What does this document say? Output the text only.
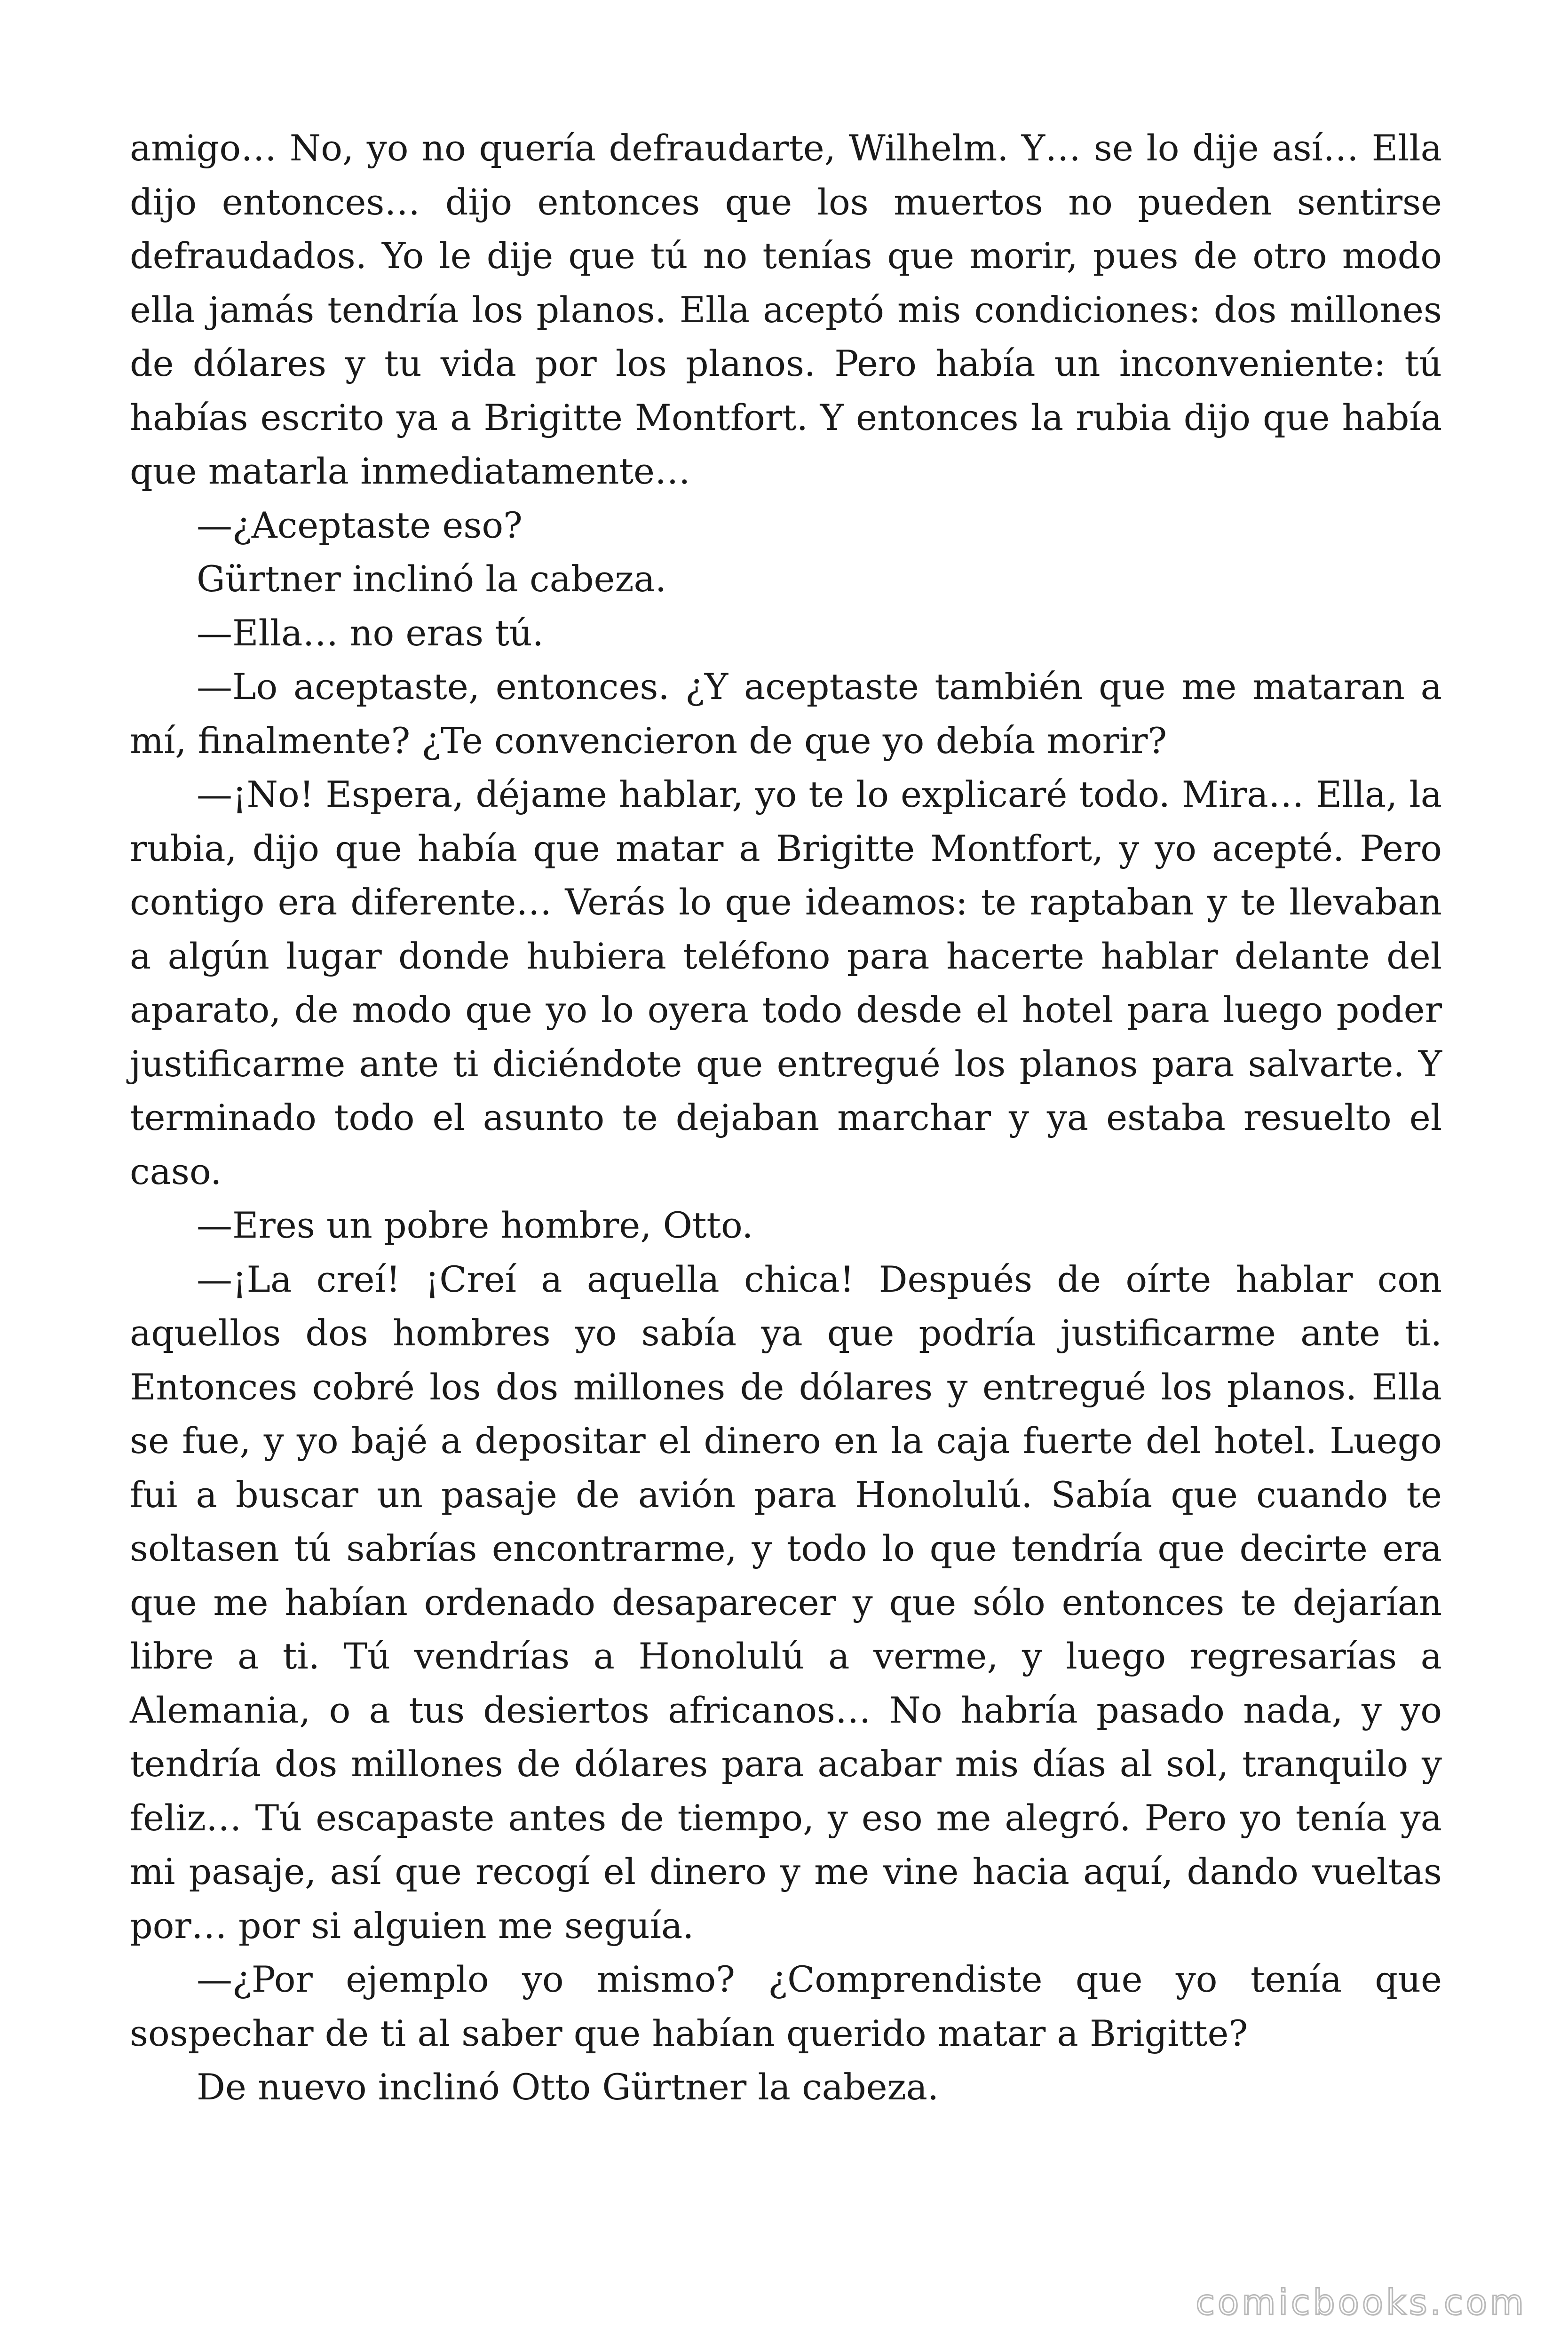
amigo… No, yo no quería defraudarte, Wilhelm. Y… se lo dije así… Ella dijo entonces… dijo entonces que los muertos no pueden sentirse defraudados. Yo le dije que tú no tenías que morir, pues de otro modo ella jamás tendría los planos. Ella aceptó mis condiciones: dos millones de dólares y tu vida por los planos. Pero había un inconveniente: tú habías escrito ya a Brigitte Montfort. Y entonces la rubia dijo que había que matarla inmediatamente…

—¿Aceptaste eso?

Gürtner inclinó la cabeza.

—Ella… no eras tú.

—Lo aceptaste, entonces. ¿Y aceptaste también que me mataran a mí, finalmente? ¿Te convencieron de que yo debía morir?

—¡No! Espera, déjame hablar, yo te lo explicaré todo. Mira… Ella, la rubia, dijo que había que matar a Brigitte Montfort, y yo acepté. Pero contigo era diferente… Verás lo que ideamos: te raptaban y te llevaban a algún lugar donde hubiera teléfono para hacerte hablar delante del aparato, de modo que yo lo oyera todo desde el hotel para luego poder justificarme ante ti diciéndote que entregué los planos para salvarte. Y terminado todo el asunto te dejaban marchar y ya estaba resuelto el caso.

—Eres un pobre hombre, Otto.

—¡La creí! ¡Creí a aquella chica! Después de oírte hablar con aquellos dos hombres yo sabía ya que podría justificarme ante ti. Entonces cobré los dos millones de dólares y entregué los planos. Ella se fue, y yo bajé a depositar el dinero en la caja fuerte del hotel. Luego fui a buscar un pasaje de avión para Honolulú. Sabía que cuando te soltasen tú sabrías encontrarme, y todo lo que tendría que decirte era que me habían ordenado desaparecer y que sólo entonces te dejarían libre a ti. Tú vendrías a Honolulú a verme, y luego regresarías a Alemania, o a tus desiertos africanos… No habría pasado nada, y yo tendría dos millones de dólares para acabar mis días al sol, tranquilo y feliz… Tú escapaste antes de tiempo, y eso me alegró. Pero yo tenía ya mi pasaje, así que recogí el dinero y me vine hacia aquí, dando vueltas por… por si alguien me seguía.

—¿Por ejemplo yo mismo? ¿Comprendiste que yo tenía que sospechar de ti al saber que habían querido matar a Brigitte?

De nuevo inclinó Otto Gürtner la cabeza.

comicbooks.com
